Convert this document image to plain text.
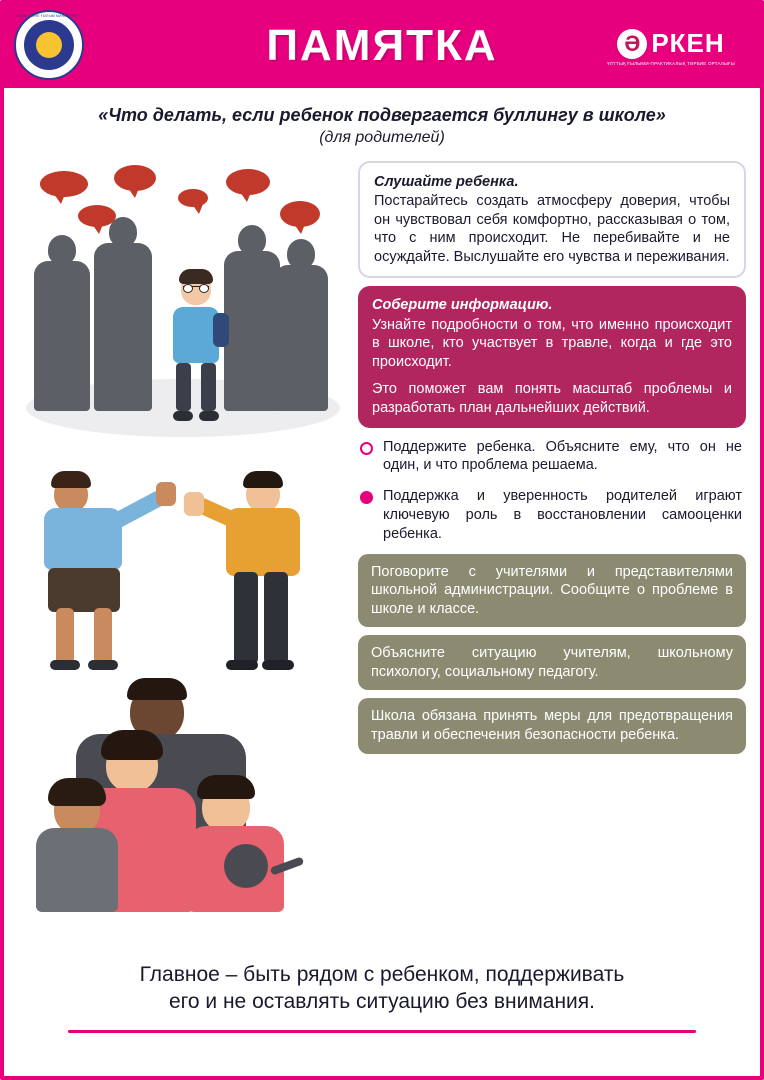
БІЛІМ ЖӘНЕ ҒЫЛЫМ МИНИСТРЛІГІ
ПАМЯТКА	Ә РКЕН
ҰЛТТЫҚ ҒЫЛЫМИ-ПРАКТИКАЛЫҚ ТӘРБИЕ ОРТАЛЫҒЫ
«Что делать, если ребенок подвергается буллингу в школе»
(для родителей)
Слушайте ребенка.
Постарайтесь создать атмосферу доверия, чтобы он чувствовал себя комфортно, рассказывая о том, что с ним происходит. Не перебивайте и не осуждайте. Выслушайте его чувства и переживания.
Соберите информацию.

Узнайте подробности о том, что именно происходит в школе, кто участвует в травле, когда и где это происходит.

Это поможет вам понять масштаб проблемы и разработать план дальнейших действий.

Поддержите ребенка. Объясните ему, что он не один, и что проблема решаема.
Поддержка и уверенность родителей играют ключевую роль в восстановлении самооценки ребенка.
Поговорите с учителями и представителями школьной администрации. Сообщите о проблеме в школе и классе.
Объясните ситуацию учителям, школьному психологу, социальному педагогу.
Школа обязана принять меры для предотвращения травли и обеспечения безопасности ребенка.
Главное – быть рядом с ребенком, поддерживать
его и не оставлять ситуацию без внимания.
